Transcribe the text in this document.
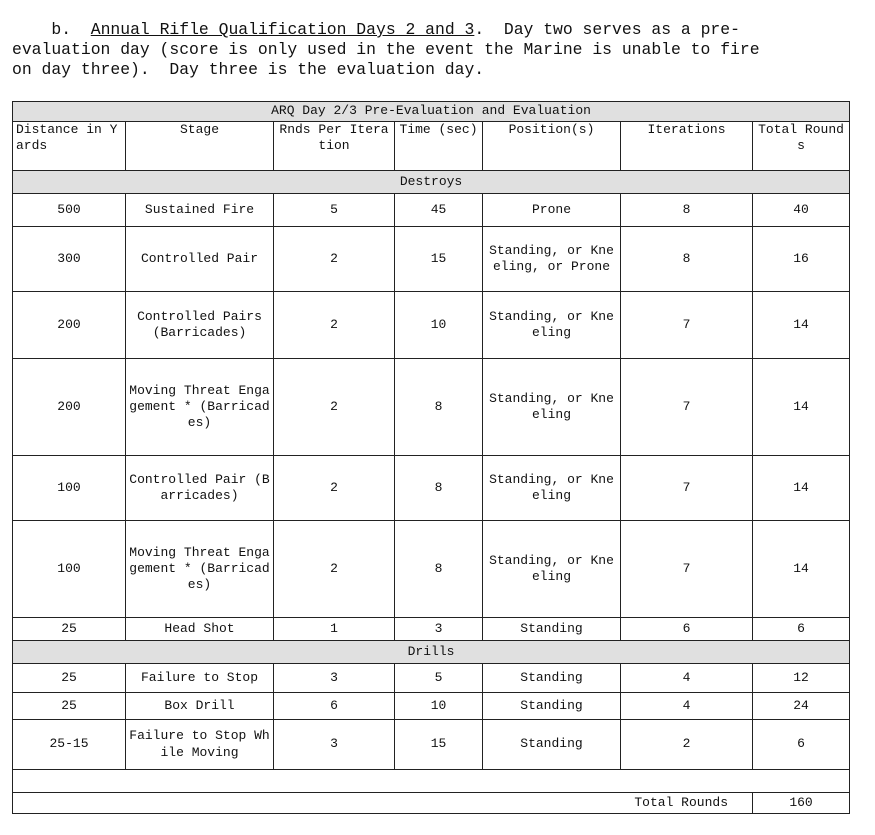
b. Annual Rifle Qualification Days 2 and 3.  Day two serves as a pre-
evaluation day (score is only used in the event the Marine is unable to fire
on day three).  Day three is the evaluation day.
ARQ Day 2/3 Pre-Evaluation and Evaluation						
Distance in Yards	Stage	Rnds Per Iteration	Time (sec)	Position(s)	Iterations	Total Rounds
Destroys						
500	Sustained Fire	5	45	Prone	8	40
300	Controlled Pair	2	15	Standing, or Kneeling, or Prone	8	16
200	Controlled Pairs (Barricades)	2	10	Standing, or Kneeling	7	14
200	Moving Threat Engagement * (Barricades)	2	8	Standing, or Kneeling	7	14
100	Controlled Pair (Barricades)	2	8	Standing, or Kneeling	7	14
100	Moving Threat Engagement * (Barricades)	2	8	Standing, or Kneeling	7	14
25	Head Shot	1	3	Standing	6	6
Drills						
25	Failure to Stop	3	5	Standing	4	12
25	Box Drill	6	10	Standing	4	24
25-15	Failure to Stop While Moving	3	15	Standing	2	6

Total Rounds						160
